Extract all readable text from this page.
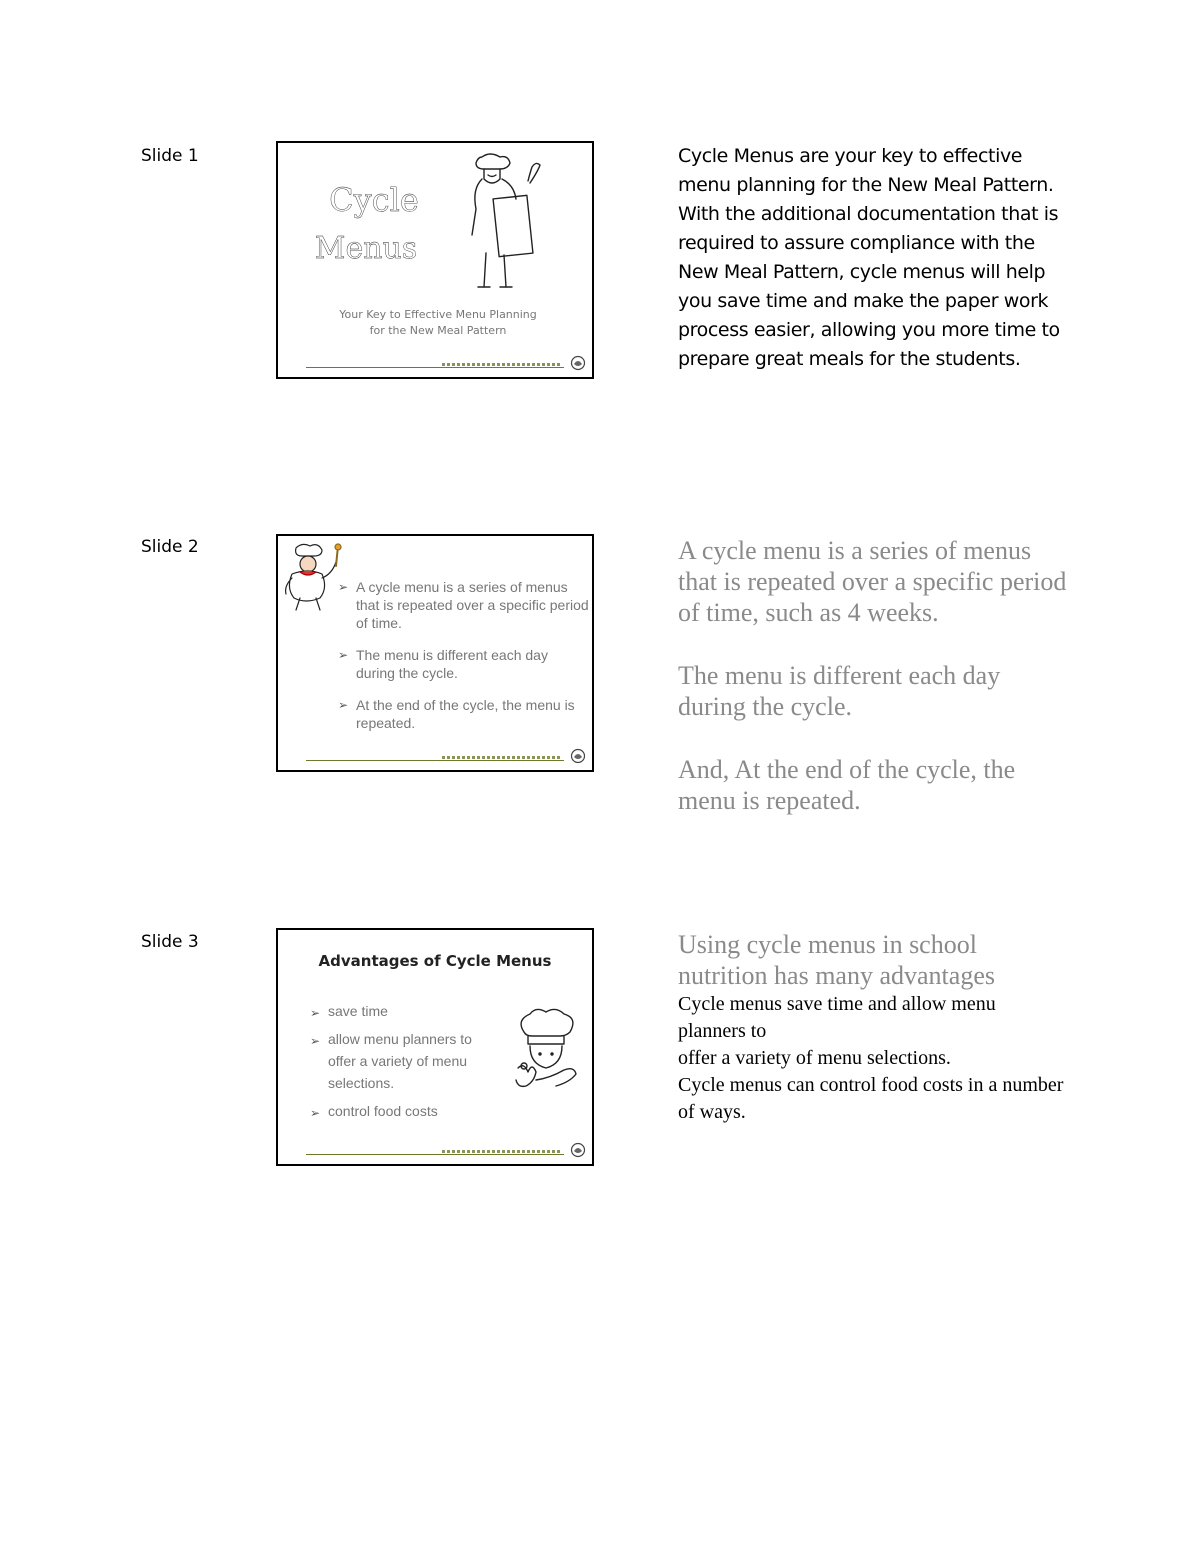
Slide 1
Cycle
Menus
Your Key to Effective Menu Planning
for the New Meal Pattern
Cycle Menus are your key to effective menu planning for the New Meal Pattern. With the additional documentation that is required to assure compliance with the New Meal Pattern, cycle menus will help you save time and make the paper work process easier, allowing you more time to prepare great meals for the students.
Slide 2
➢ A cycle menu is a series of menus that is repeated over a specific period of time.
➢ The menu is different each day during the cycle.
➢ At the end of the cycle, the menu is repeated.

A cycle menu is a series of menus that is repeated over a specific period of time, such as 4 weeks.

The menu is different each day during the cycle.

And, At the end of the cycle, the menu is repeated.

Slide 3
Advantages of Cycle Menus
➢ save time
➢ allow menu planners to offer a variety of menu selections.
➢ control food costs
Using cycle menus in school nutrition has many advantages
Cycle menus save time and allow menu planners to
offer a variety of menu selections.
Cycle menus can control food costs in a number of ways.
